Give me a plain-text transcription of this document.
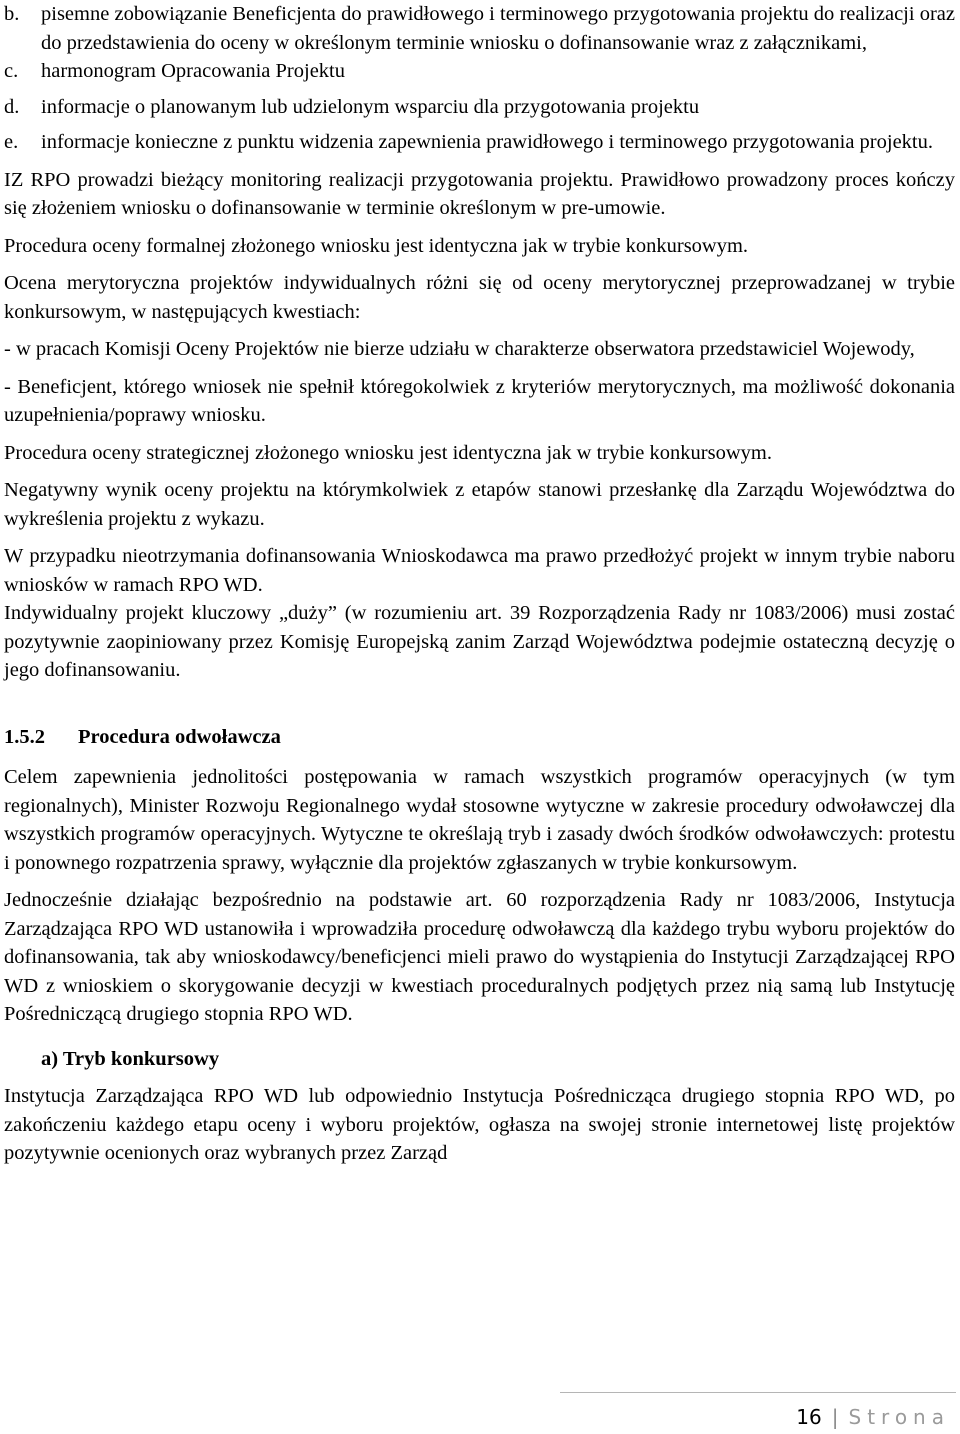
b. pisemne zobowiązanie Beneficjenta do prawidłowego i terminowego przygotowania projektu do realizacji oraz do przedstawienia do oceny w określonym terminie wniosku o dofinansowanie wraz z załącznikami,
c. harmonogram Opracowania Projektu
d. informacje o planowanym lub udzielonym wsparciu dla przygotowania projektu
e. informacje konieczne z punktu widzenia zapewnienia prawidłowego i terminowego przygotowania projektu.

IZ RPO prowadzi bieżący monitoring realizacji przygotowania projektu. Prawidłowo prowadzony proces kończy się złożeniem wniosku o dofinansowanie w terminie określonym w pre-umowie.

Procedura oceny formalnej złożonego wniosku jest identyczna jak w trybie konkursowym.

Ocena merytoryczna projektów indywidualnych różni się od oceny merytorycznej przeprowadzanej w trybie konkursowym, w następujących kwestiach:

- w pracach Komisji Oceny Projektów nie bierze udziału w charakterze obserwatora przedstawiciel Wojewody,

- Beneficjent, którego wniosek nie spełnił któregokolwiek z kryteriów merytorycznych, ma możliwość dokonania uzupełnienia/poprawy wniosku.

Procedura oceny strategicznej złożonego wniosku jest identyczna jak w trybie konkursowym.

Negatywny wynik oceny projektu na którymkolwiek z etapów stanowi przesłankę dla Zarządu Województwa do wykreślenia projektu z wykazu.

W przypadku nieotrzymania dofinansowania Wnioskodawca ma prawo przedłożyć projekt w innym trybie naboru wniosków w ramach RPO WD.

Indywidualny projekt kluczowy „duży” (w rozumieniu art. 39 Rozporządzenia Rady nr 1083/2006) musi zostać pozytywnie zaopiniowany przez Komisję Europejską zanim Zarząd Województwa podejmie ostateczną decyzję o jego dofinansowaniu.

1.5.2 Procedura odwoławcza

Celem zapewnienia jednolitości postępowania w ramach wszystkich programów operacyjnych (w tym regionalnych), Minister Rozwoju Regionalnego wydał stosowne wytyczne w zakresie procedury odwoławczej dla wszystkich programów operacyjnych. Wytyczne te określają tryb i zasady dwóch środków odwoławczych: protestu i ponownego rozpatrzenia sprawy, wyłącznie dla projektów zgłaszanych w trybie konkursowym.

Jednocześnie działając bezpośrednio na podstawie art. 60 rozporządzenia Rady nr 1083/2006, Instytucja Zarządzająca RPO WD ustanowiła i wprowadziła procedurę odwoławczą dla każdego trybu wyboru projektów do dofinansowania, tak aby wnioskodawcy/beneficjenci mieli prawo do wystąpienia do Instytucji Zarządzającej RPO WD z wnioskiem o skorygowanie decyzji w kwestiach proceduralnych podjętych przez nią samą lub Instytucję Pośredniczącą drugiego stopnia RPO WD.

a) Tryb konkursowy

Instytucja Zarządzająca RPO WD lub odpowiednio Instytucja Pośrednicząca drugiego stopnia RPO WD, po zakończeniu każdego etapu oceny i wyboru projektów, ogłasza na swojej stronie internetowej listę projektów pozytywnie ocenionych oraz wybranych przez Zarząd

16 | Strona
